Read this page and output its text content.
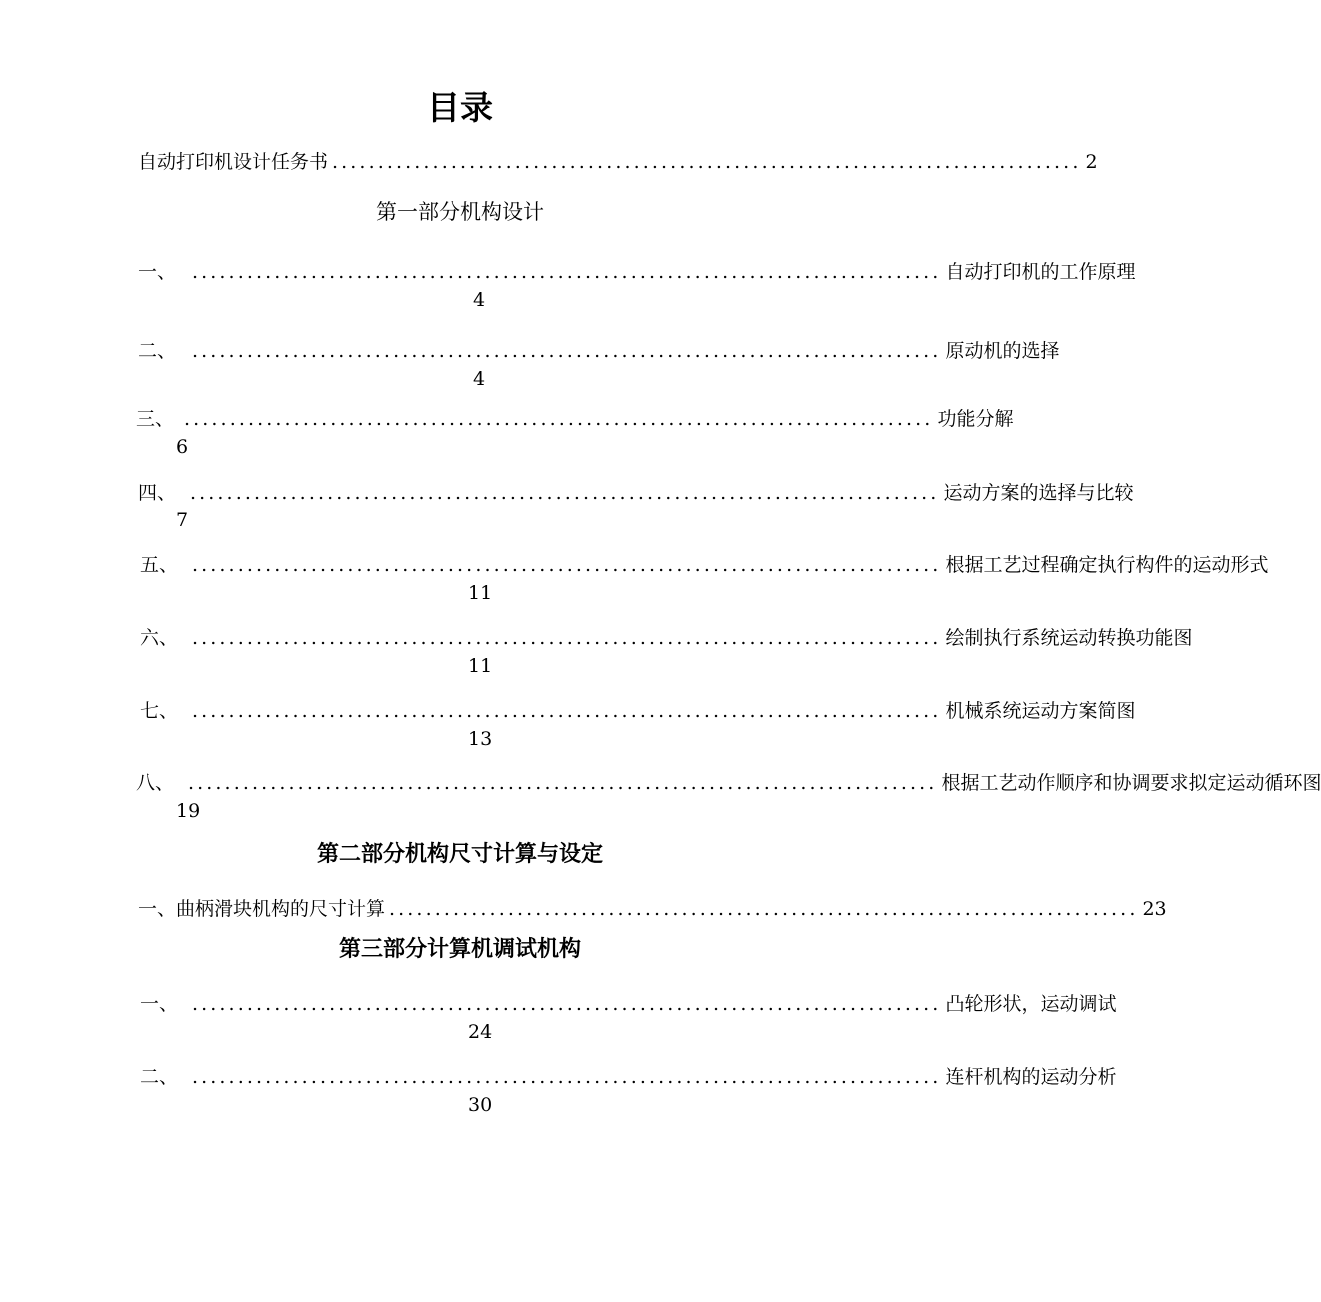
目录
自动打印机设计任务书 .................................................................................. 2
第一部分机构设计
一、 .................................................................................. 自动打印机的工作原理
4
二、 .................................................................................. 原动机的选择
4
三、 .................................................................................. 功能分解
6
四、 .................................................................................. 运动方案的选择与比较
7
五、 .................................................................................. 根据工艺过程确定执行构件的运动形式
11
六、 .................................................................................. 绘制执行系统运动转换功能图
11
七、 .................................................................................. 机械系统运动方案简图
13
八、 .................................................................................. 根据工艺动作顺序和协调要求拟定运动循环图
19
第二部分机构尺寸计算与设定
一、曲柄滑块机构的尺寸计算 .................................................................................. 23
第三部分计算机调试机构
一、 .................................................................................. 凸轮形状，运动调试
24
二、 .................................................................................. 连杆机构的运动分析
30
